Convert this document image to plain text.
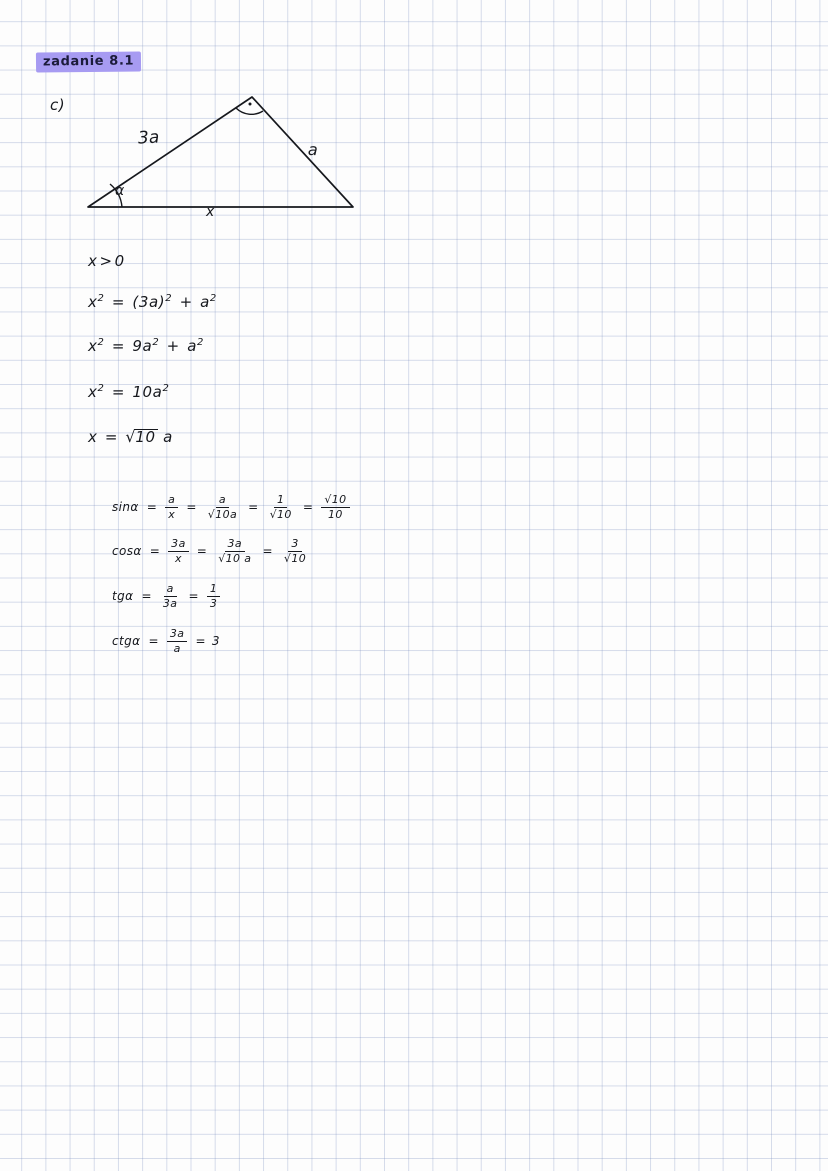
zadanie 8.1
c)
3a
a
x
α
x > 0
$x^2 = (3a)^2 + a^2$
$x^2 = 9a^2 + a^2$
$x^2 = 10a^2$
x = √ 10 a
$\sin\alpha = \frac{a}{x} = \frac{a}{√10a} = \frac{1}{√10} = \frac{√10}{10}$
$\cos\alpha = \frac{3a}{x} = \frac{3a}{√10 a} = \frac{3}{√10}$
$tg\alpha = \frac{a}{3a} = \frac{1}{3}$
$ctg\alpha = \frac{3a}{a} = 3$
